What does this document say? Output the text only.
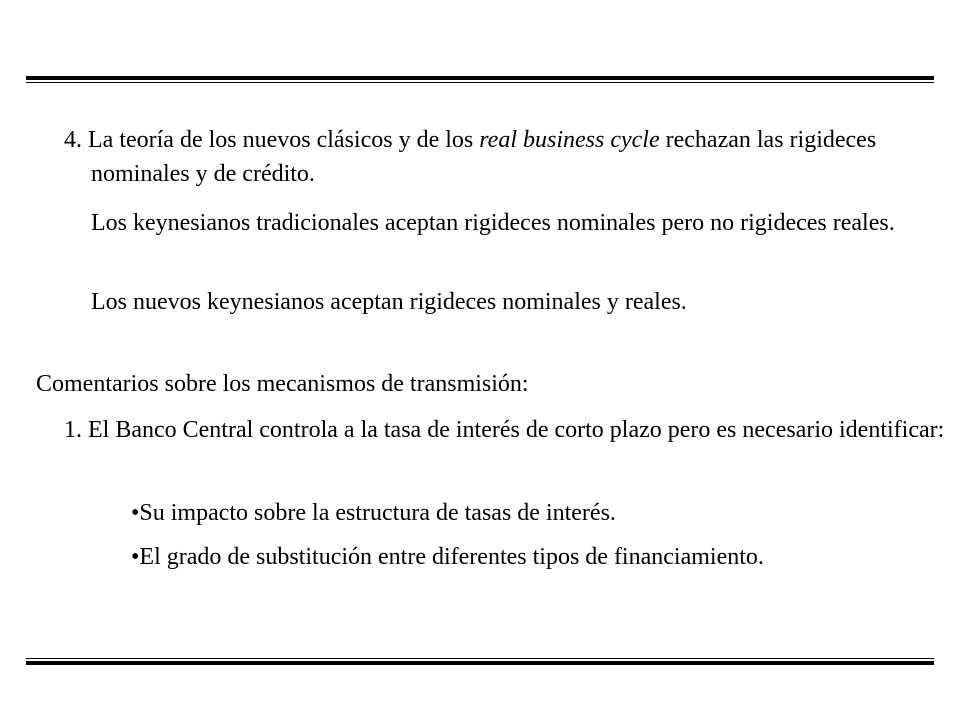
4. La teoría de los nuevos clásicos y de los real business cycle rechazan las rigideces nominales y de crédito.

Los keynesianos tradicionales aceptan rigideces nominales pero no rigideces reales.

Los nuevos keynesianos aceptan rigideces nominales y reales.

Comentarios sobre los mecanismos de transmisión:

1. El Banco Central controla a la tasa de interés de corto plazo pero es necesario identificar:

•Su impacto sobre la estructura de tasas de interés.

•El grado de substitución entre diferentes tipos de financiamiento.
